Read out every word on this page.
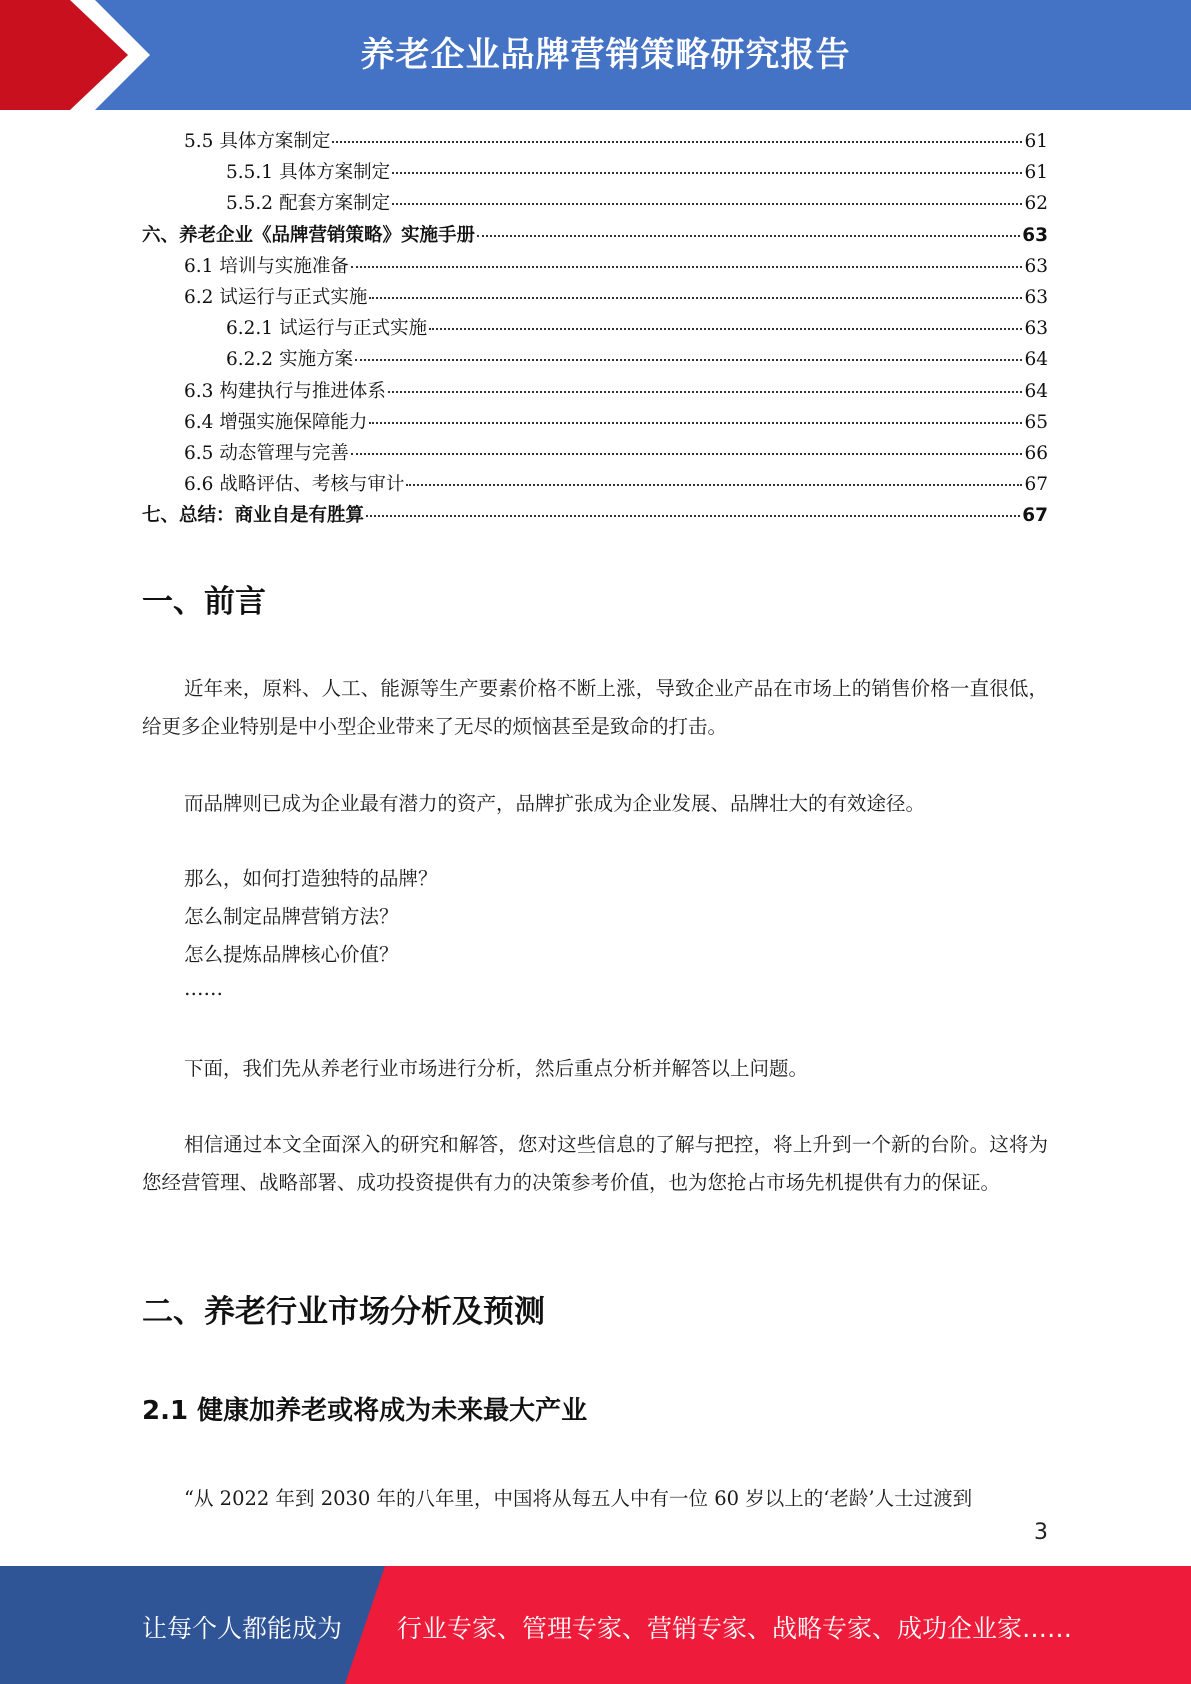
养老企业品牌营销策略研究报告
5.5 具体方案制定	61
5.5.1 具体方案制定	61
5.5.2 配套方案制定	62
六、养老企业《品牌营销策略》实施手册	63
6.1 培训与实施准备	63
6.2 试运行与正式实施	63
6.2.1 试运行与正式实施	63
6.2.2 实施方案	64
6.3 构建执行与推进体系	64
6.4 增强实施保障能力	65
6.5 动态管理与完善	66
6.6 战略评估、考核与审计	67
七、总结：商业自是有胜算	67
一、前言

近年来，原料、人工、能源等生产要素价格不断上涨，导致企业产品在市场上的销售价格一直很低，给更多企业特别是中小型企业带来了无尽的烦恼甚至是致命的打击。

而品牌则已成为企业最有潜力的资产，品牌扩张成为企业发展、品牌壮大的有效途径。

那么，如何打造独特的品牌？

怎么制定品牌营销方法？

怎么提炼品牌核心价值？

……

下面，我们先从养老行业市场进行分析，然后重点分析并解答以上问题。

相信通过本文全面深入的研究和解答，您对这些信息的了解与把控，将上升到一个新的台阶。这将为您经营管理、战略部署、成功投资提供有力的决策参考价值，也为您抢占市场先机提供有力的保证。

二、养老行业市场分析及预测
2.1 健康加养老或将成为未来最大产业

“从 2022 年到 2030 年的八年里，中国将从每五人中有一位 60 岁以上的‘老龄’人士过渡到

3
让每个人都能成为 行业专家、管理专家、营销专家、战略专家、成功企业家……
